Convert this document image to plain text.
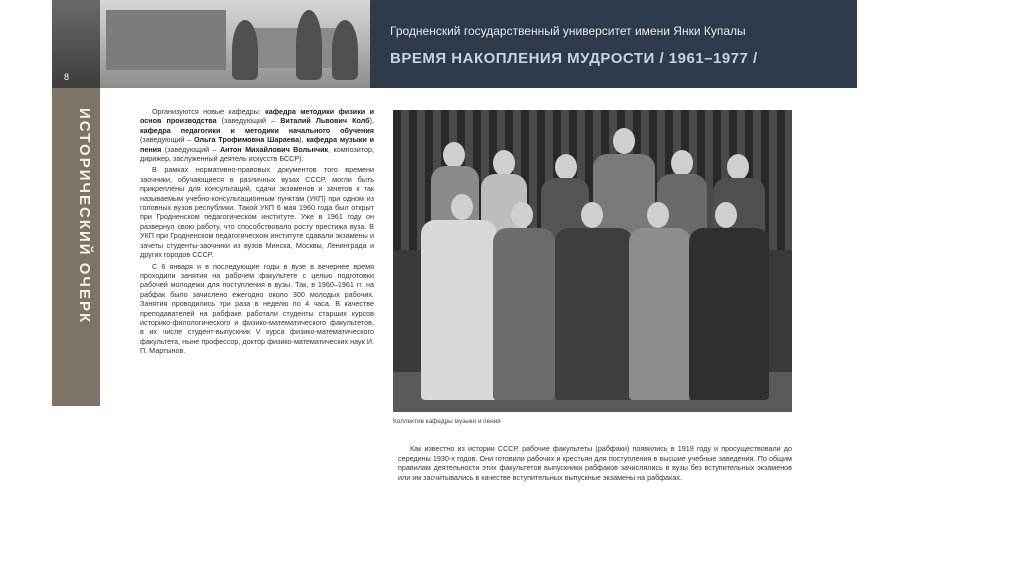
Гродненский государственный университет имени Янки Купалы
ВРЕМЯ НАКОПЛЕНИЯ МУДРОСТИ / 1961–1977 /
8
ИСТОРИЧЕСКИЙ ОЧЕРК	Организуются новые кафедры: кафедра методики физики и основ производства (заведующий – Виталий Львович Колб), кафедра педагогики и методики начального обучения (заведующий – Ольга Трофимовна Шараева), кафедра музыки и пения (заведующий – Антон Михайлович Вольнчик, композитор, дирижер, заслуженный деятель искусств БССР).

В рамках нормативно-правовых документов того времени заочники, обучающиеся в различных вузах СССР, могли быть прикреплены для консультаций, сдачи экзаменов и зачетов к так называемым учебно-консультационным пунктам (УКП) при одном из головных вузов республики. Такой УКП 6 мая 1960 года был открыт при Гродненском педагогическом институте. Уже в 1961 году он развернул свою работу, что способствовало росту престижа вуза. В УКП при Гродненском педагогическом институте сдавали экзамены и зачеты студенты-заочники из вузов Минска, Москвы, Ленинграда и других городов СССР.

С 6 января и в последующие годы в вузе в вечернее время проходили занятия на рабочем факультете с целью подготовки рабочей молодежи для поступления в вузы. Так, в 1960–1961 гг. на рабфак было зачислено ежегодно около 300 молодых рабочих. Занятия проводились три раза в неделю по 4 часа. В качестве преподавателей на рабфаке работали студенты старших курсов историко-филологического и физико-математического факультетов, в их числе студент-выпускник V курса физико-математического факультета, ныне профессор, доктор физико-математических наук И. П. Мартынов.

Коллектив кафедры музыки и пения

Как известно из истории СССР, рабочие факультеты (рабфаки) появились в 1919 году и просуществовали до середины 1930-х годов. Они готовили рабочих и крестьян для поступления в высшие учебные заведения. По общим правилам деятельности этих факультетов выпускники рабфаков зачислялись в вузы без вступительных экзаменов или им засчитывались в качестве вступительных выпускные экзамены на рабфаках.
